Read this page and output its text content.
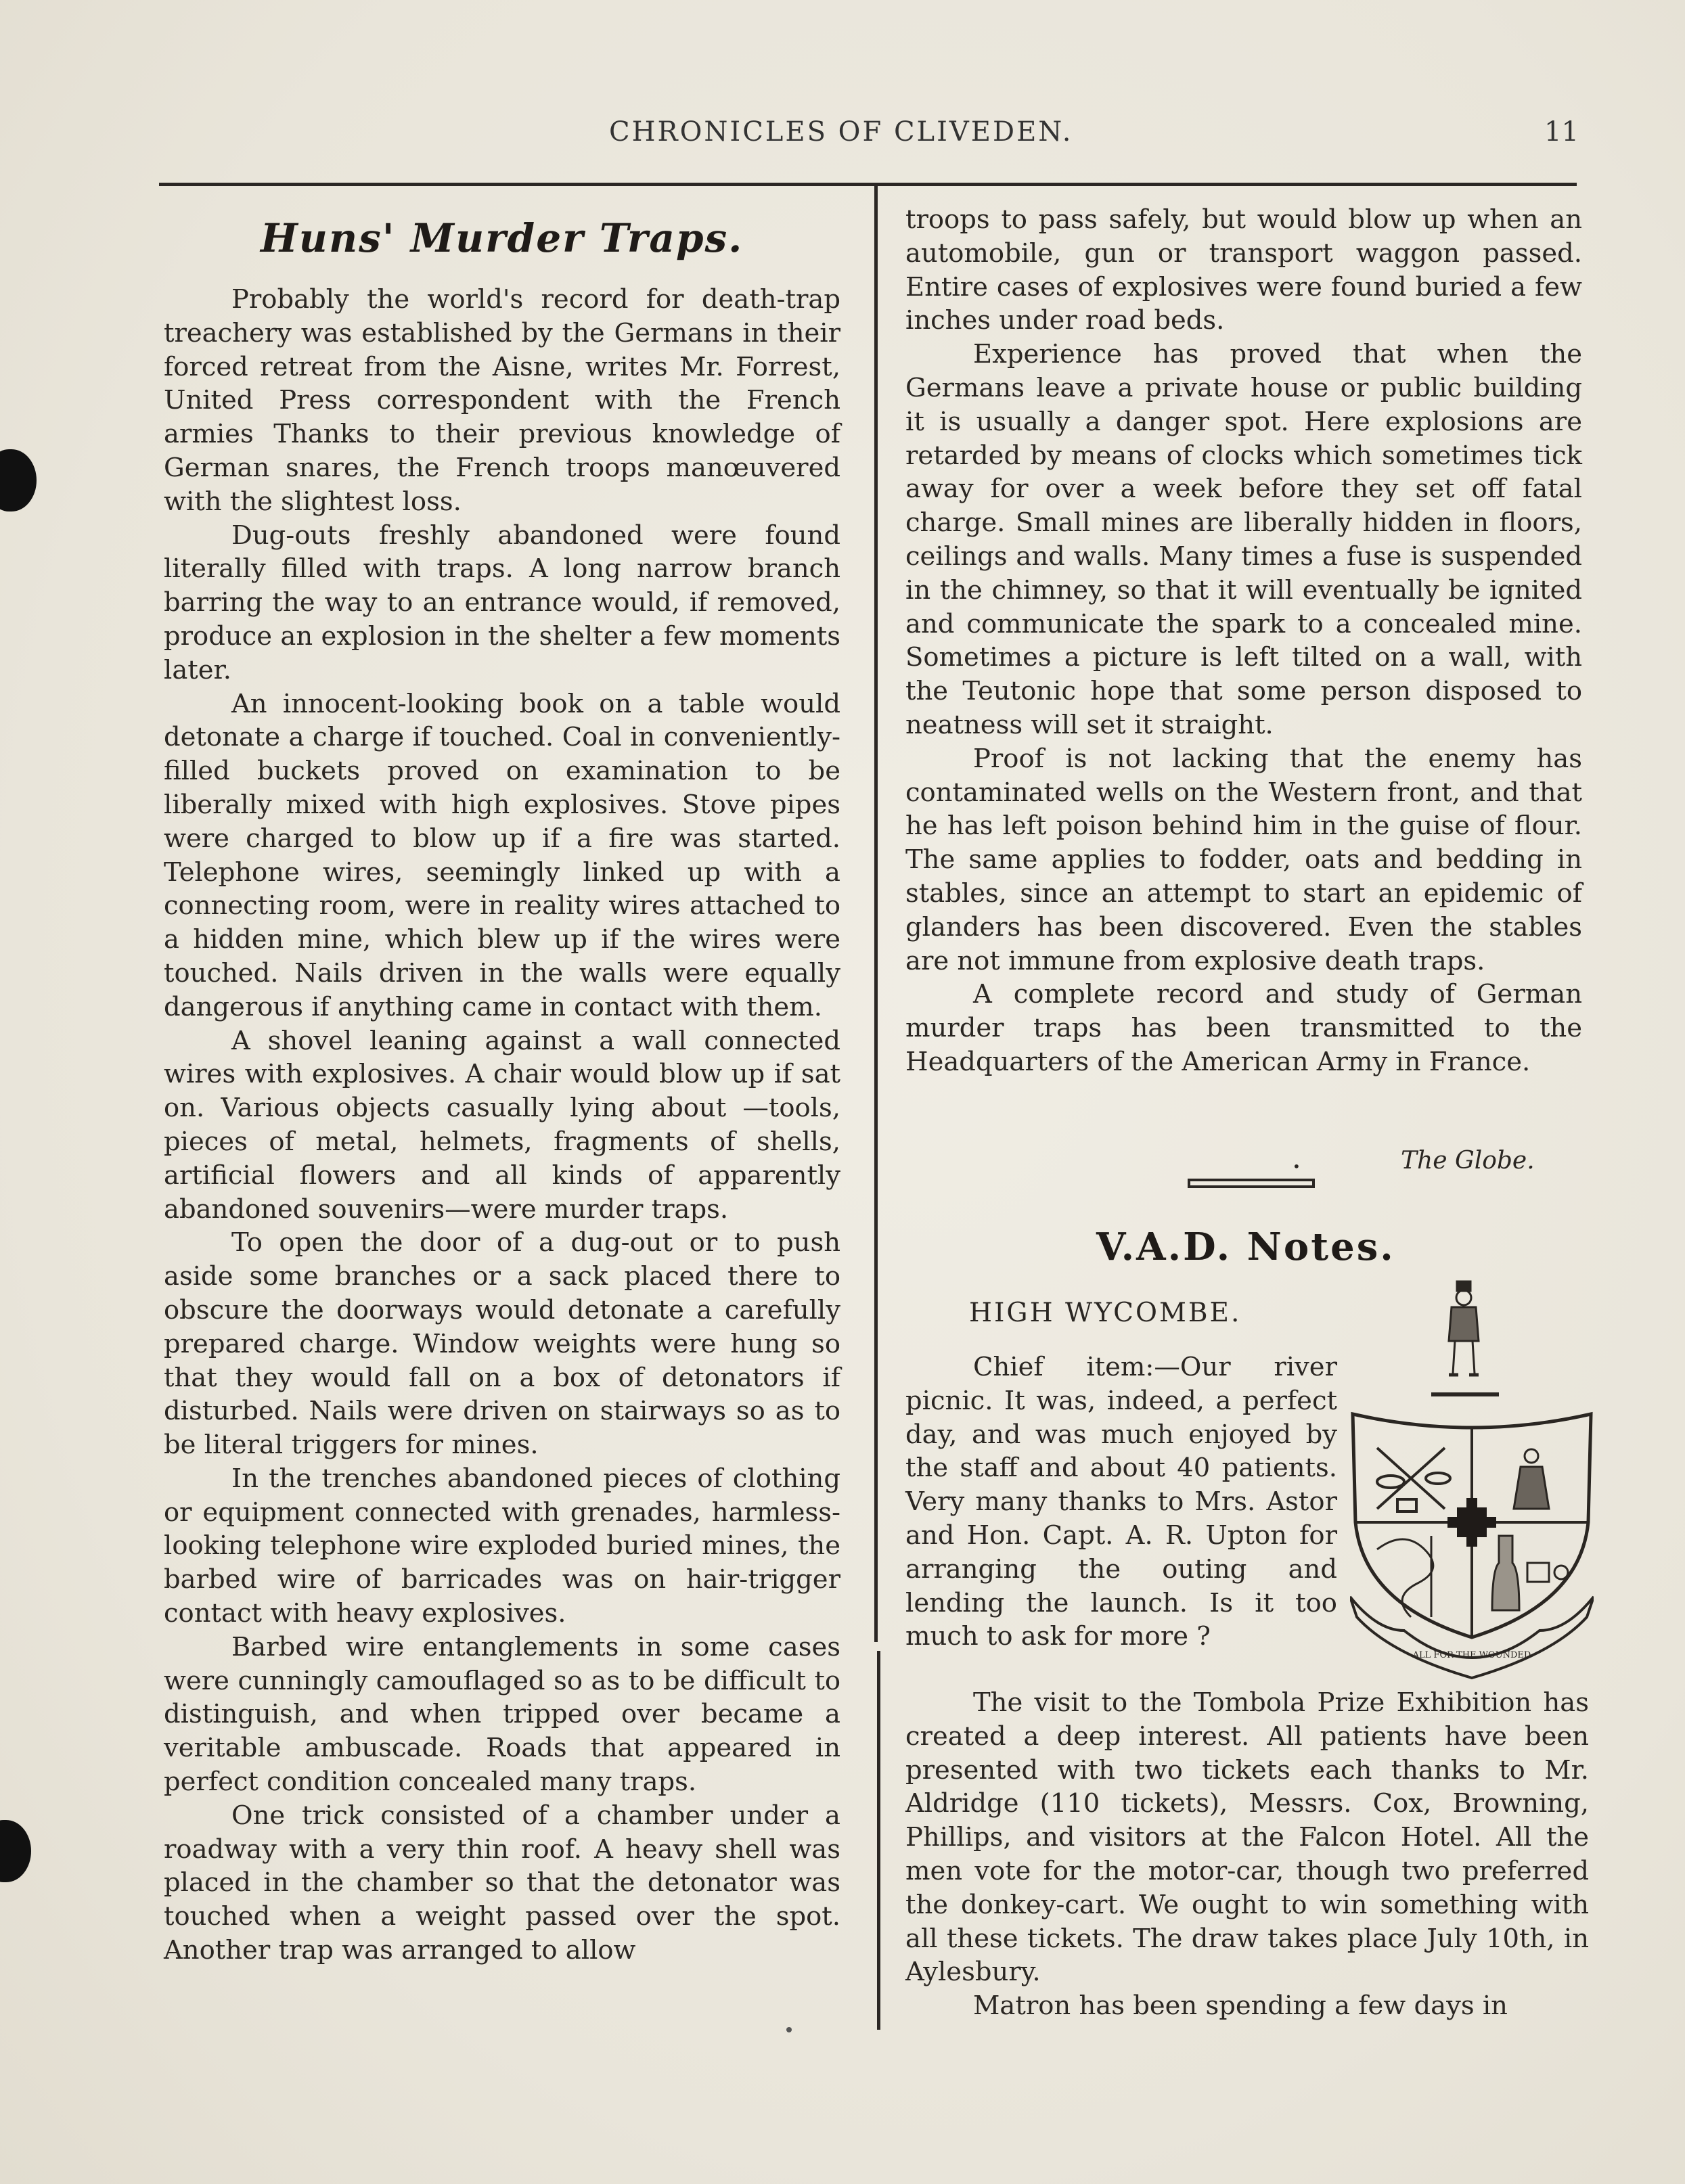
CHRONICLES OF CLIVEDEN.	11
Huns' Murder Traps.

Probably the world's record for death-trap treachery was established by the Germans in their forced retreat from the Aisne, writes Mr. Forrest, United Press correspondent with the French armies Thanks to their previous knowledge of German snares, the French troops manœuvered with the slightest loss.

Dug-outs freshly abandoned were found literally filled with traps. A long narrow branch barring the way to an entrance would, if removed, produce an explosion in the shelter a few moments later.

An innocent-looking book on a table would detonate a charge if touched. Coal in conveniently-filled buckets proved on examination to be liberally mixed with high explosives. Stove pipes were charged to blow up if a fire was started. Telephone wires, seemingly linked up with a connecting room, were in reality wires attached to a hidden mine, which blew up if the wires were touched. Nails driven in the walls were equally dangerous if anything came in contact with them.

A shovel leaning against a wall connected wires with explosives. A chair would blow up if sat on. Various objects casually lying about —tools, pieces of metal, helmets, fragments of shells, artificial flowers and all kinds of apparently abandoned souvenirs—were murder traps.

To open the door of a dug-out or to push aside some branches or a sack placed there to obscure the doorways would detonate a carefully prepared charge. Window weights were hung so that they would fall on a box of detonators if disturbed. Nails were driven on stairways so as to be literal triggers for mines.

In the trenches abandoned pieces of clothing or equipment connected with grenades, harmless-looking telephone wire exploded buried mines, the barbed wire of barricades was on hair-trigger contact with heavy explosives.

Barbed wire entanglements in some cases were cunningly camouflaged so as to be difficult to distinguish, and when tripped over became a veritable ambuscade. Roads that appeared in perfect condition concealed many traps.

One trick consisted of a chamber under a roadway with a very thin roof. A heavy shell was placed in the chamber so that the detonator was touched when a weight passed over the spot. Another trap was arranged to allow

troops to pass safely, but would blow up when an automobile, gun or transport waggon passed. Entire cases of explosives were found buried a few inches under road beds.

Experience has proved that when the Germans leave a private house or public building it is usually a danger spot. Here explosions are retarded by means of clocks which sometimes tick away for over a week before they set off fatal charge. Small mines are liberally hidden in floors, ceilings and walls. Many times a fuse is suspended in the chimney, so that it will eventually be ignited and communicate the spark to a concealed mine. Sometimes a picture is left tilted on a wall, with the Teutonic hope that some person disposed to neatness will set it straight.

Proof is not lacking that the enemy has contaminated wells on the Western front, and that he has left poison behind him in the guise of flour. The same applies to fodder, oats and bedding in stables, since an attempt to start an epidemic of glanders has been discovered. Even the stables are not immune from explosive death traps.

A complete record and study of German murder traps has been transmitted to the Headquarters of the American Army in France.

The Globe.
•
V.A.D. Notes.
HIGH WYCOMBE.

Chief item:—Our river picnic. It was, indeed, a perfect day, and was much enjoyed by the staff and about 40 patients. Very many thanks to Mrs. Astor and Hon. Capt. A. R. Upton for arranging the outing and lending the launch. Is it too much to ask for more ?

ALL FOR THE WOUNDED

The visit to the Tombola Prize Exhibition has created a deep interest. All patients have been presented with two tickets each thanks to Mr. Aldridge (110 tickets), Messrs. Cox, Browning, Phillips, and visitors at the Falcon Hotel. All the men vote for the motor-car, though two preferred the donkey-cart. We ought to win something with all these tickets. The draw takes place July 10th, in Aylesbury.

Matron has been spending a few days in
